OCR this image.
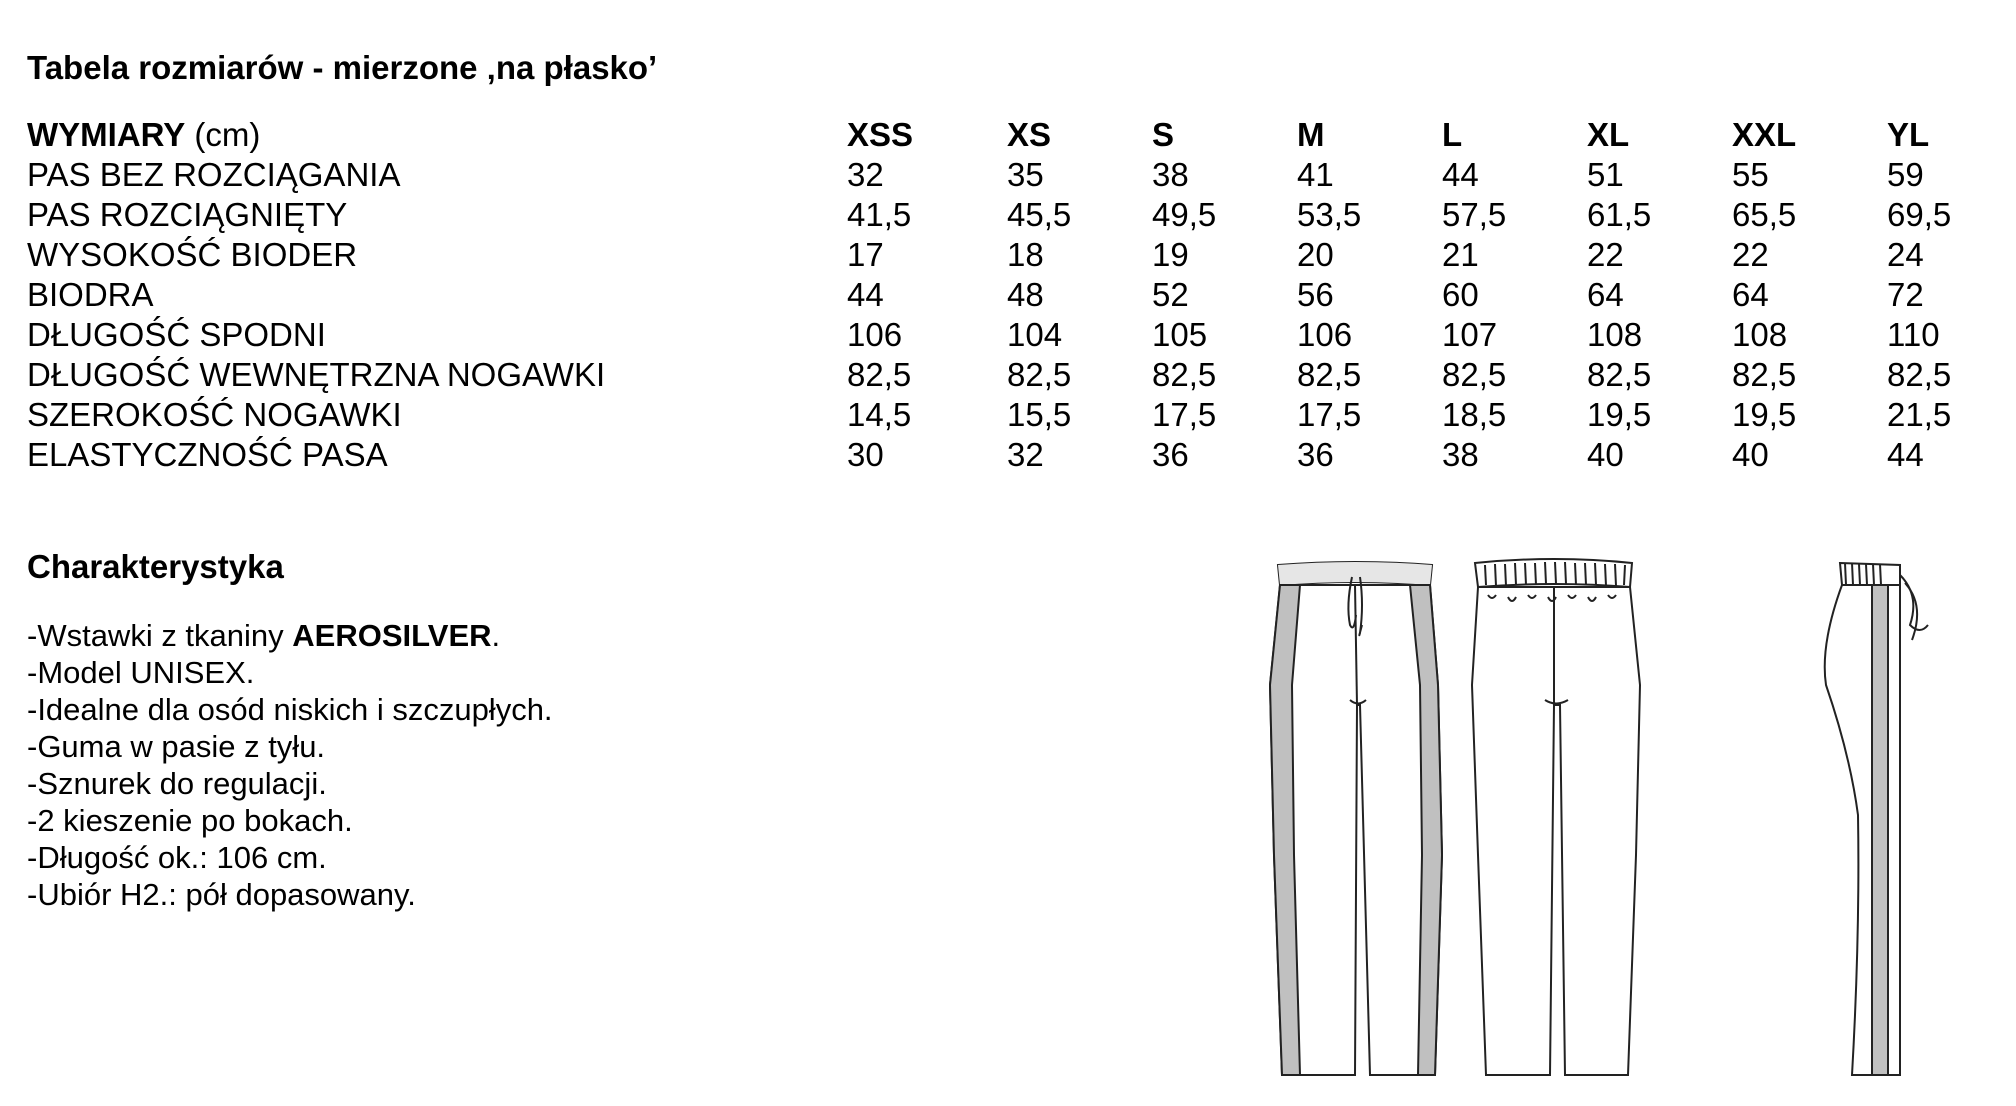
Tabela rozmiarów - mierzone ‚na płasko’
WYMIARY (cm)	XSS	XS	S	M	L	XL	XXL	YL
PAS BEZ ROZCIĄGANIA	32	35	38	41	44	51	55	59
PAS ROZCIĄGNIĘTY	41,5	45,5 49,5 53,5 57,5 61,5 65,5	69,5
WYSOKOŚĆ BIODER	17	18	19	20	21	22	22	24
BIODRA	44	48	52	56	60	64	64	72
DŁUGOŚĆ SPODNI	106	104	105	106	107	108	108	110
DŁUGOŚĆ WEWNĘTRZNA NOGAWKI	82,5	82,5 82,5 82,5 82,5 82,5 82,5	82,5
SZEROKOŚĆ NOGAWKI	14,5	15,5 17,5 17,5 18,5 19,5 19,5	21,5
ELASTYCZNOŚĆ PASA	30	32	36	36	38	40	40	44
Charakterystyka
-Wstawki z tkaniny AEROSILVER.
-Model UNISEX.
-Idealne dla osód niskich i szczupłych.
-Guma w pasie z tyłu.
-Sznurek do regulacji.
-2 kieszenie po bokach.
-Długość ok.: 106 cm.
-Ubiór H2.: pół dopasowany.
